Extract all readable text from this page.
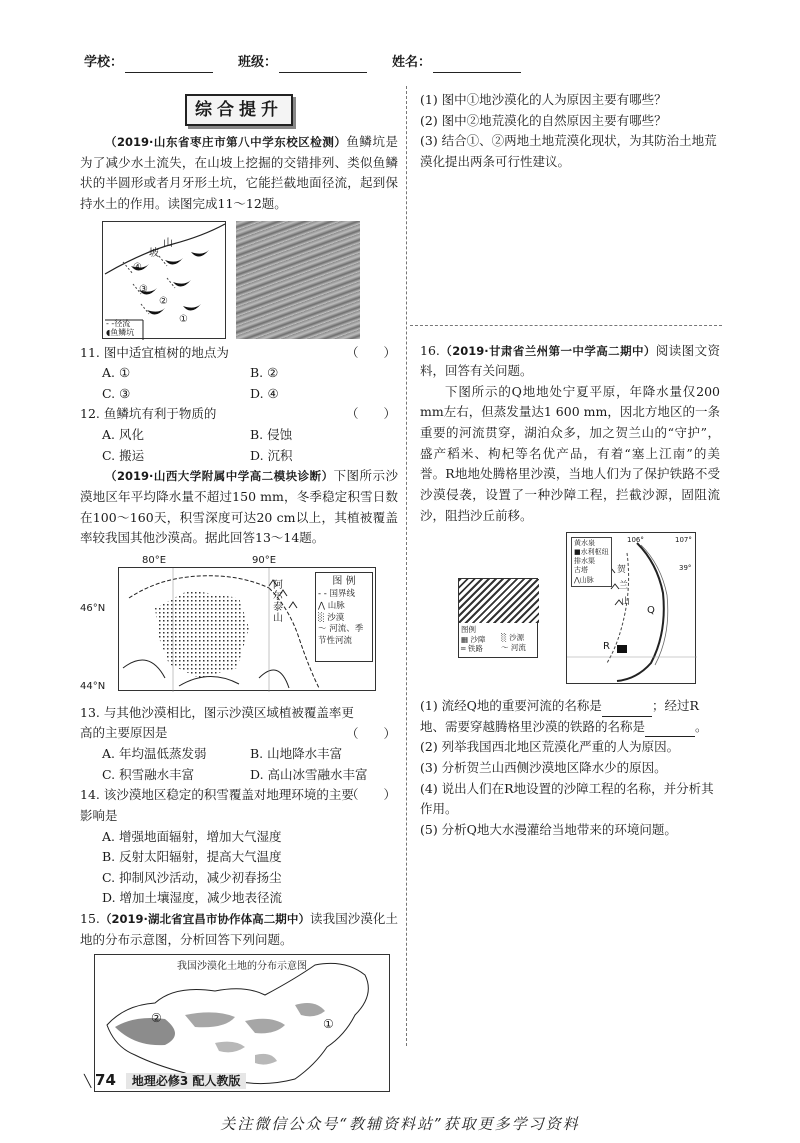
学校：	班级：	姓名：
综合提升

（2019·山东省枣庄市第八中学东校区检测）鱼鳞坑是为了减少水土流失，在山坡上挖掘的交错排列、类似鱼鳞状的半圆形或者月牙形土坑，它能拦截地面径流，起到保持水土的作用。读图完成11～12题。

山
坡
④
③
②
①
- -径流
◖鱼鳞坑
11. 图中适宜植树的地点为	（　　）
A. ①	B. ②
C. ③	D. ④
12. 鱼鳞坑有利于物质的	（　　）
A. 风化	B. 侵蚀
C. 搬运	D. 沉积

（2019·山西大学附属中学高二模块诊断）下图所示沙漠地区年平均降水量不超过150 mm，冬季稳定积雪日数在100～160天，积雪深度可达20 cm以上，其植被覆盖率较我国其他沙漠高。据此回答13～14题。

80°E	90°E
46°N
44°N
阿尔泰山
图 例
- - 国界线
⋀ 山脉
░ 沙漠
～ 河流、季节性河流
13. 与其他沙漠相比，图示沙漠区域植被覆盖率更高的主要原因是	（　　）
A. 年均温低蒸发弱	B. 山地降水丰富
C. 积雪融水丰富	D. 高山冰雪融水丰富
14. 该沙漠地区稳定的积雪覆盖对地理环境的主要影响是
（　　）
A. 增强地面辐射，增加大气湿度
B. 反射太阳辐射，提高大气温度
C. 抑制风沙活动，减少初春扬尘
D. 增加土壤湿度，减少地表径流

15.（2019·湖北省宜昌市协作体高二期中）读我国沙漠化土地的分布示意图，分析回答下列问题。

我国沙漠化土地的分布示意图
②	①
(1) 图中①地沙漠化的人为原因主要有哪些？
(2) 图中②地荒漠化的自然原因主要有哪些？
(3) 结合①、②两地土地荒漠化现状，为其防治土地荒漠化提出两条可行性建议。

16.（2019·甘肃省兰州第一中学高二期中）阅读图文资料，回答有关问题。

下图所示的Q地地处宁夏平原，年降水量仅200 mm左右，但蒸发量达1 600 mm，因北方地区的一条重要的河流贯穿，湖泊众多，加之贺兰山的“守护”，盛产稻米、枸杞等名优产品，有着“塞上江南”的美誉。R地地处腾格里沙漠，当地人们为了保护铁路不受沙漠侵袭，设置了一种沙障工程，拦截沙源，固阻流沙，阻挡沙丘前移。

图例
▦ 沙障
═ 铁路
░ 沙源
～ 河流
黄水泉
■水利枢纽
排水渠
古塔
⋀山脉
106°	107°
39°
贺
兰
山
Q
R
(1) 流经Q地的重要河流的名称是	；经过R地、需要穿越腾格里沙漠的铁路的名称是	。
(2) 列举我国西北地区荒漠化严重的人为原因。
(3) 分析贺兰山西侧沙漠地区降水少的原因。
(4) 说出人们在R地设置的沙障工程的名称，并分析其作用。
(5) 分析Q地大水漫灌给当地带来的环境问题。
╲ 74 地理必修3 配人教版
关注微信公众号“教辅资料站”获取更多学习资料
